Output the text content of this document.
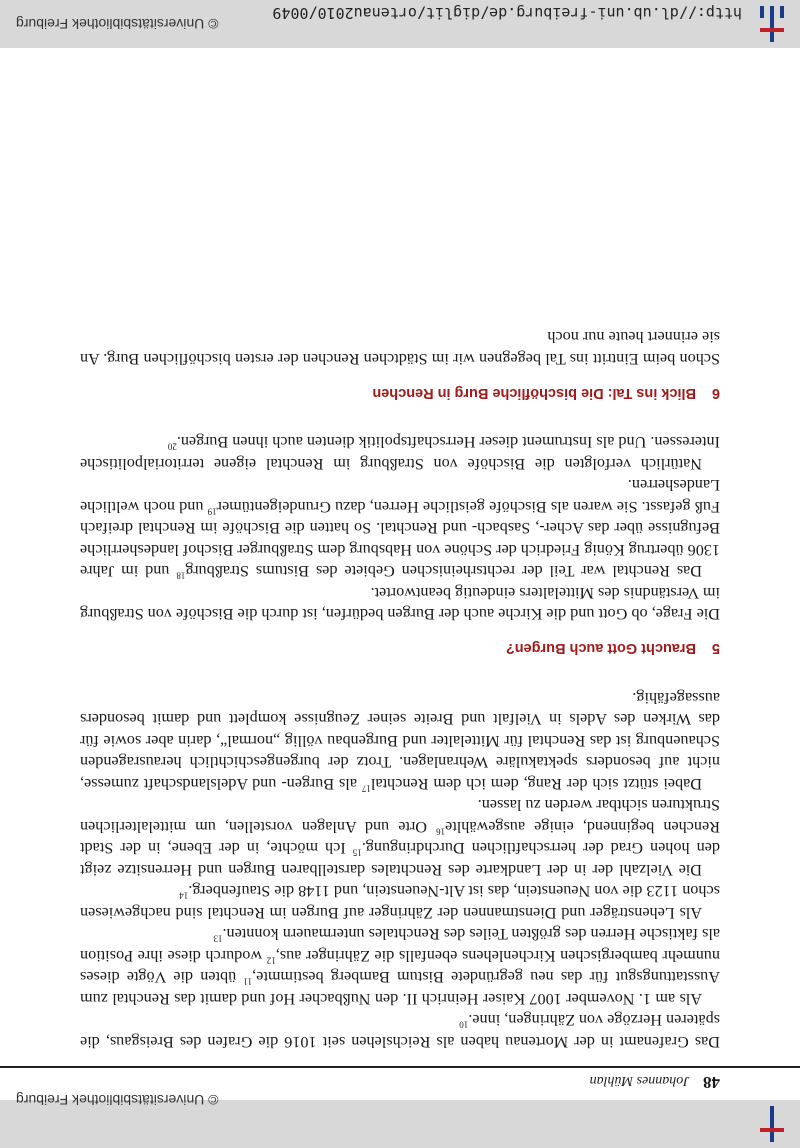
© Universitätsbibliothek Freiburg
48 Johannes Mühlan

Das Grafenamt in der Mortenau haben als Reichslehen seit 1016 die Grafen des Breisgaus, die späteren Herzöge von Zähringen, inne.$^{10}$

Als am 1. November 1007 Kaiser Heinrich II. den Nußbacher Hof und damit das Renchtal zum Ausstattungsgut für das neu gegründete Bistum Bamberg bestimmte,$^{11}$ übten die Vögte dieses nunmehr bambergischen Kirchenlehens ebenfalls die Zähringer aus,$^{12}$ wodurch diese ihre Position als faktische Herren des größten Teiles des Renchtales untermauern konnten.$^{13}$

Als Lehensträger und Dienstmannen der Zähringer auf Burgen im Renchtal sind nachgewiesen schon 1123 die von Neuenstein, das ist Alt-Neuenstein, und 1148 die Staufenberg.$^{14}$

Die Vielzahl der in der Landkarte des Renchtales darstellbaren Burgen und Herrensitze zeigt den hohen Grad der herrschaftlichen Durchdringung.$^{15}$ Ich möchte, in der Ebene, in der Stadt Renchen beginnend, einige ausgewählte$^{16}$ Orte und Anlagen vorstellen, um mittelalterlichen Strukturen sichtbar werden zu lassen.

Dabei stützt sich der Rang, dem ich dem Renchtal$^{17}$ als Burgen- und Adelslandschaft zumesse, nicht auf besonders spektakuläre Wehranlagen. Trotz der burgengeschichtlich herausragenden Schauenburg ist das Renchtal für Mittelalter und Burgenbau völlig „normal“, darin aber sowie für das Wirken des Adels in Vielfalt und Breite seiner Zeugnisse komplett und damit besonders aussagefähig.

5Braucht Gott auch Burgen?

Die Frage, ob Gott und die Kirche auch der Burgen bedürfen, ist durch die Bischöfe von Straßburg im Verständnis des Mittelalters eindeutig beantwortet.

Das Renchtal war Teil der rechtsrheinischen Gebiete des Bistums Straßburg$^{18}$ und im Jahre 1306 übertrug König Friedrich der Schöne von Habsburg dem Straßburger Bischof landesherrliche Befugnisse über das Acher-, Sasbach- und Renchtal. So hatten die Bischöfe im Renchtal dreifach Fuß gefasst. Sie waren als Bischöfe geistliche Herren, dazu Grundeigentümer$^{19}$ und noch weltliche Landesherren.

Natürlich verfolgten die Bischöfe von Straßburg im Renchtal eigene territorialpolitische Interessen. Und als Instrument dieser Herrschaftspolitik dienten auch ihnen Burgen.$^{20}$

6Blick ins Tal: Die bischöfliche Burg in Renchen

Schon beim Eintritt ins Tal begegnen wir im Städtchen Renchen der ersten bischöflichen Burg. An sie erinnert heute nur noch

http://dl.ub.uni-freiburg.de/diglit/ortenau2010/0049
© Universitätsbibliothek Freiburg
